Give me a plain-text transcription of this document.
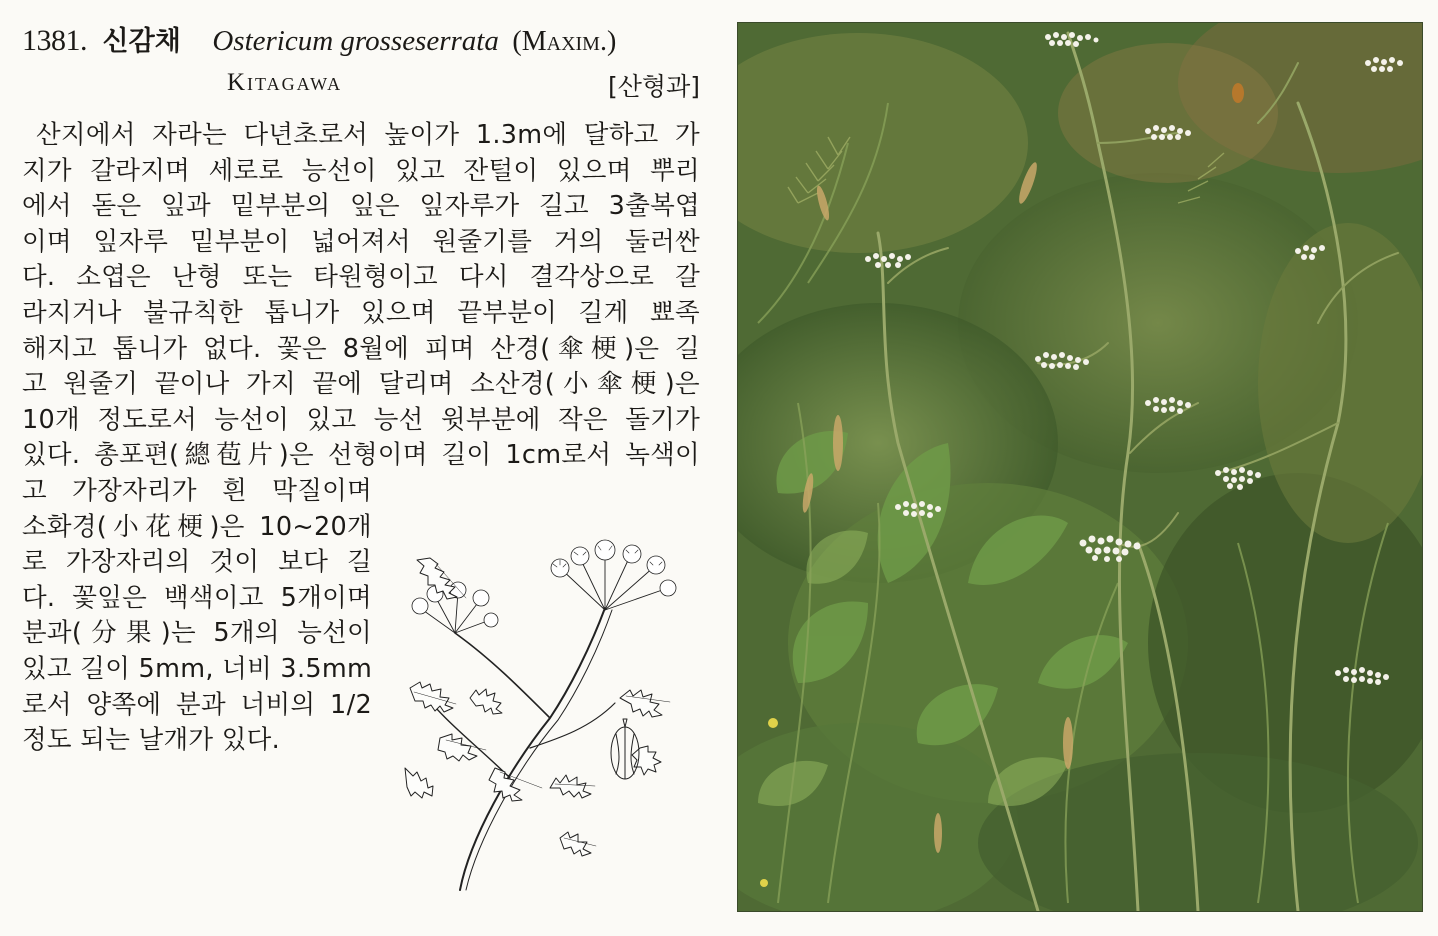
1381. 신감채 Ostericum grosseserrata (Maxim.)
Kitagawa	[산형과]
산지에서 자라는 다년초로서 높이가 1.3m에 달하고 가
지가 갈라지며 세로로 능선이 있고 잔털이 있으며 뿌리
에서 돋은 잎과 밑부분의 잎은 잎자루가 길고 3출복엽
이며 잎자루 밑부분이 넓어져서 원줄기를 거의 둘러싼
다. 소엽은 난형 또는 타원형이고 다시 결각상으로 갈
라지거나 불규칙한 톱니가 있으며 끝부분이 길게 뾰족
해지고 톱니가 없다. 꽃은 8월에 피며 산경(傘梗)은 길
고 원줄기 끝이나 가지 끝에 달리며 소산경(小傘梗)은
10개 정도로서 능선이 있고 능선 윗부분에 작은 돌기가
있다. 총포편(總苞片)은 선형이며 길이 1cm로서 녹색이
고 가장자리가 흰 막질이며
소화경(小花梗)은 10~20개
로 가장자리의 것이 보다 길
다. 꽃잎은 백색이고 5개이며
분과(分果)는 5개의 능선이
있고 길이 5mm, 너비 3.5mm
로서 양쪽에 분과 너비의 1/2
정도 되는 날개가 있다.
